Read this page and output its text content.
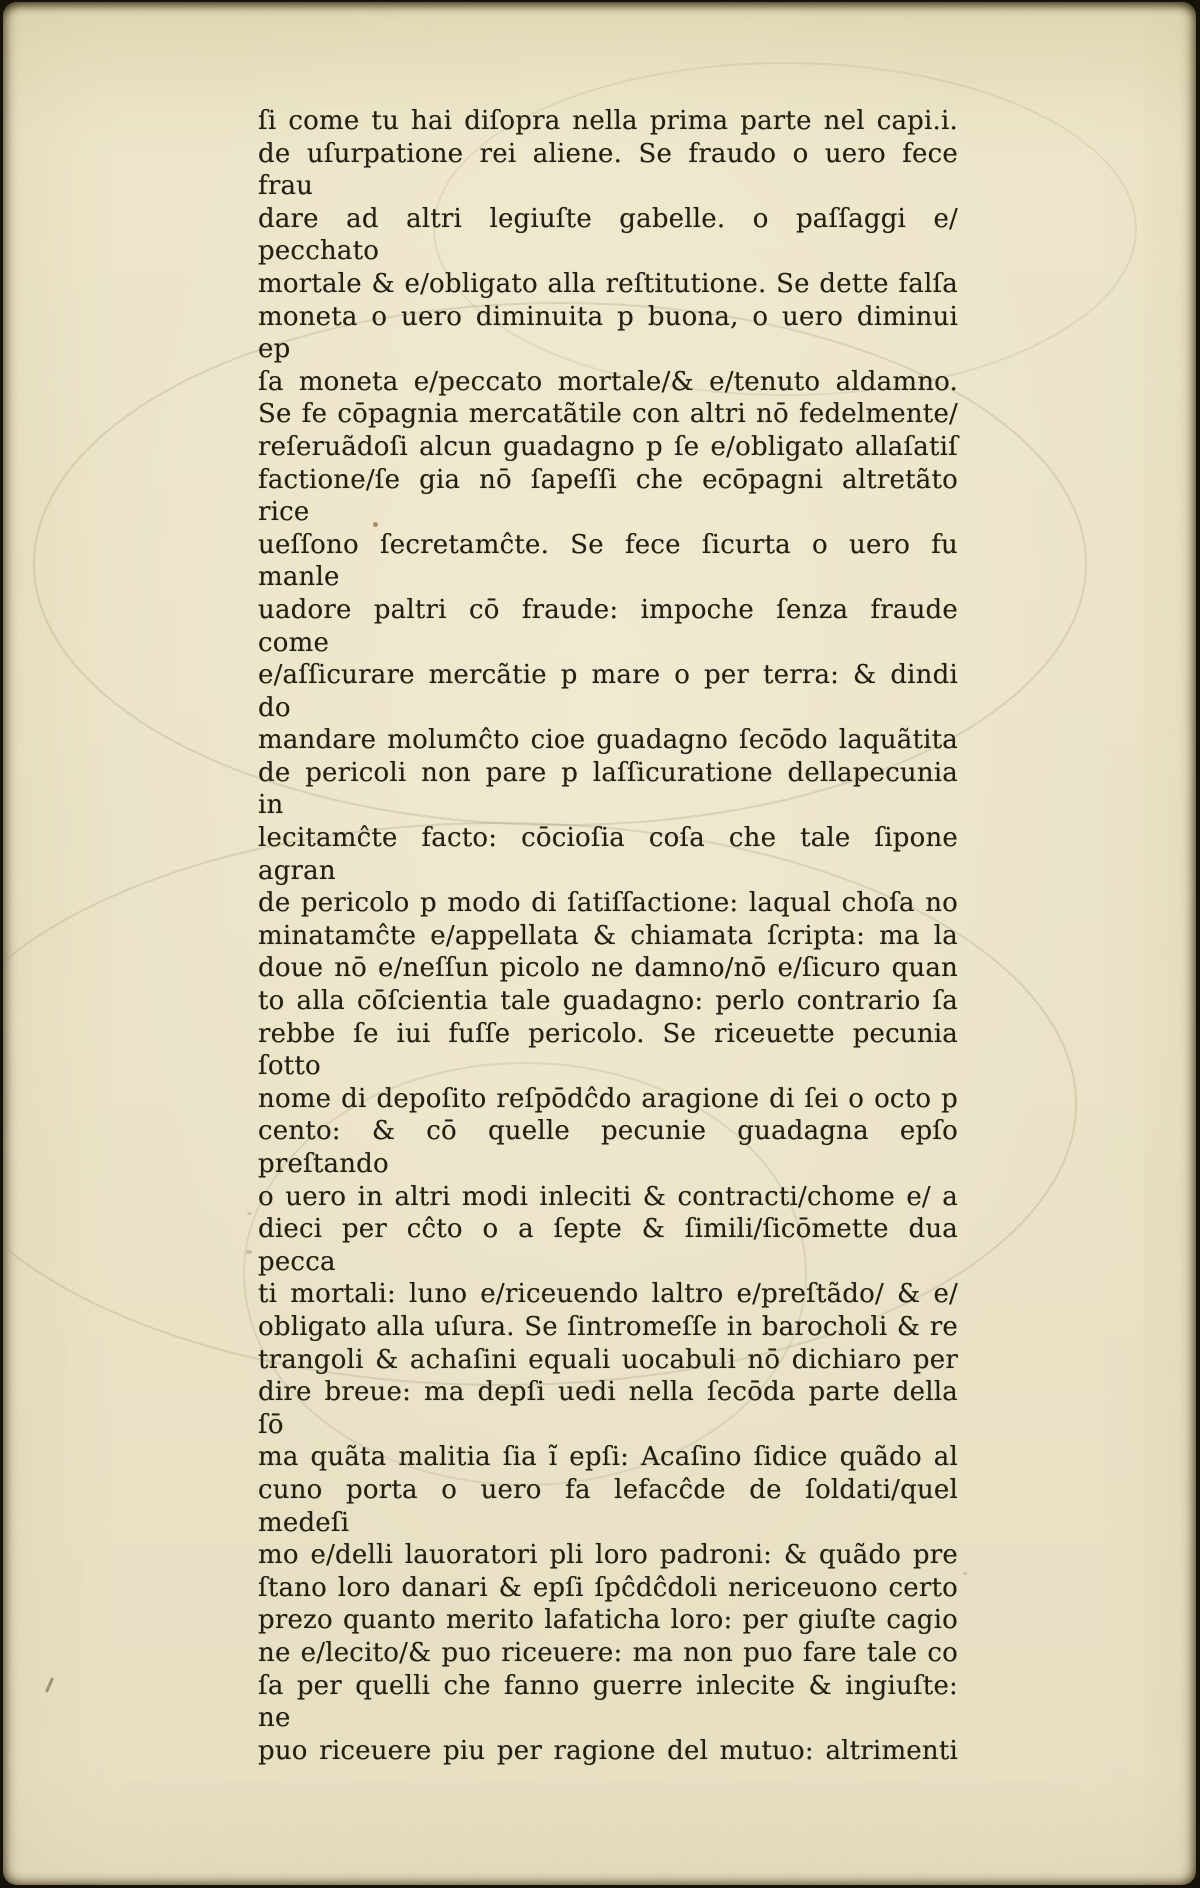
ſi come tu hai diſopra nella prima parte nel capi.i.

de uſurpatione rei aliene. Se fraudo o uero fece frau

dare ad altri legiuſte gabelle. o paſſaggi e/ pecchato

mortale & e/obligato alla reſtitutione. Se dette falſa

moneta o uero diminuita p buona, o uero diminui ep

ſa moneta e/peccato mortale/& e/tenuto aldamno.

Se fe cōpagnia mercatãtile con altri nō fedelmente/

reſeruãdoſi alcun guadagno p ſe e/obligato allaſatiſ

factione/ſe gia nō ſapeſſi che ecōpagni altretãto rice

ueſſono ſecretamĉte. Se fece ſicurta o uero fu manle

uadore paltri cō fraude: impoche ſenza fraude come

e/aſſicurare mercãtie p mare o per terra: & dindi do

mandare molumĉto cioe guadagno ſecōdo laquãtita

de pericoli non pare p laſſicuratione dellapecunia in

lecitamĉte facto: cōcioſia coſa che tale ſipone agran

de pericolo p modo di ſatiſſactione: laqual choſa no

minatamĉte e/appellata & chiamata ſcripta: ma la

doue nō e/neſſun picolo ne damno/nō e/ſicuro quan

to alla cōſcientia tale guadagno: perlo contrario ſa

rebbe ſe iui fuſſe pericolo. Se riceuette pecunia ſotto

nome di depoſito reſpōdĉdo aragione di ſei o octo p

cento: & cō quelle pecunie guadagna epſo preſtando

o uero in altri modi inleciti & contracti/chome e/ a

dieci per cĉto o a ſepte & ſimili/ſicōmette dua pecca

ti mortali: luno e/riceuendo laltro e/preſtãdo/ & e/

obligato alla uſura. Se ſintromeſſe in barocholi & re

trangoli & achaſini equali uocabuli nō dichiaro per

dire breue: ma depſi uedi nella ſecōda parte della ſō

ma quãta malitia ſia ĩ epſi: Acaſino ſidice quãdo al

cuno porta o uero fa lefacĉde de ſoldati/quel medeſi

mo e/delli lauoratori pli loro padroni: & quãdo pre

ſtano loro danari & epſi ſpĉdĉdoli nericeuono certo

prezo quanto merito lafaticha loro: per giuſte cagio

ne e/lecito/& puo riceuere: ma non puo fare tale co

ſa per quelli che fanno guerre inlecite & ingiuſte: ne

puo riceuere piu per ragione del mutuo: altrimenti
